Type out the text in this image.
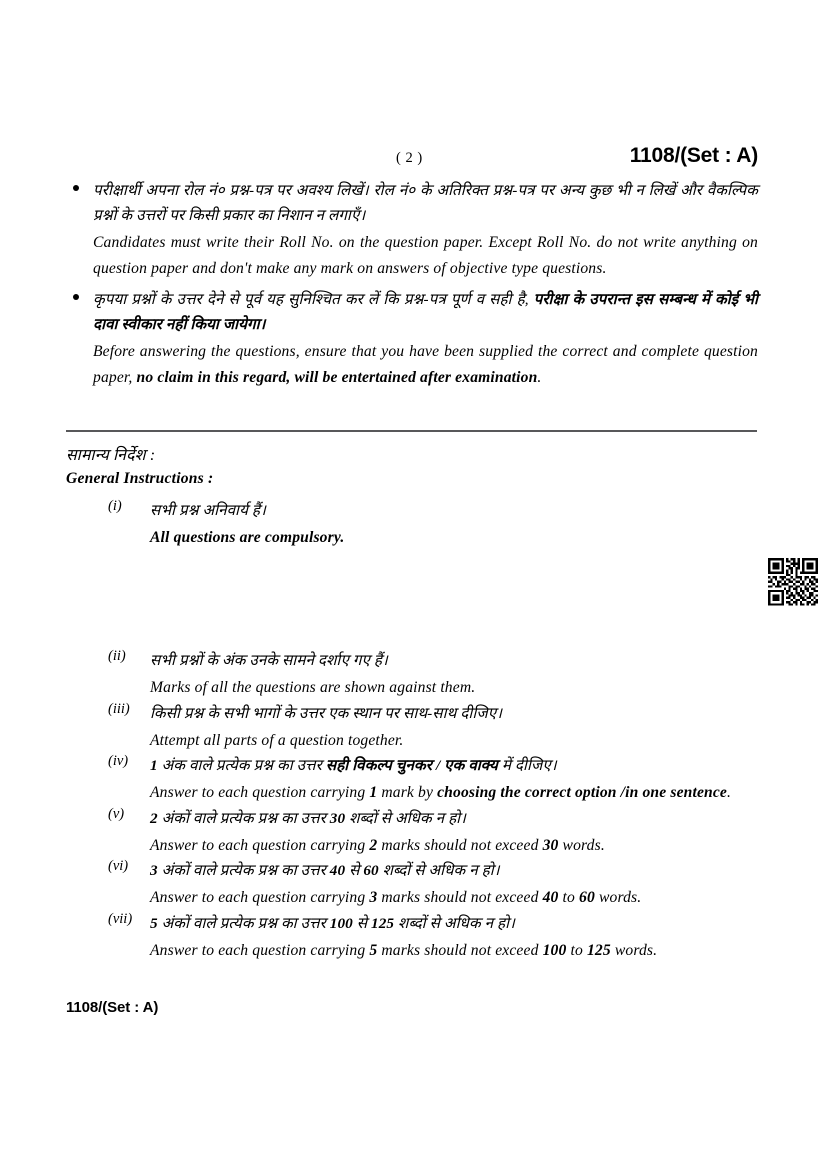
( 2 )	1108/(Set : A)
परीक्षार्थी अपना रोल नं० प्रश्न-पत्र पर अवश्य लिखें। रोल नं० के अतिरिक्त प्रश्न-पत्र पर अन्य कुछ भी न लिखें और वैकल्पिक प्रश्नों के उत्तरों पर किसी प्रकार का निशान न लगाएँ।
Candidates must write their Roll No. on the question paper. Except Roll No. do not write anything on question paper and don't make any mark on answers of objective type questions.
कृपया प्रश्नों के उत्तर देने से पूर्व यह सुनिश्चित कर लें कि प्रश्न-पत्र पूर्ण व सही है, परीक्षा के उपरान्त इस सम्बन्ध में कोई भी दावा स्वीकार नहीं किया जायेगा।
Before answering the questions, ensure that you have been supplied the correct and complete question paper, no claim in this regard, will be entertained after examination.
सामान्य निर्देश :
General Instructions :
(i)	सभी प्रश्न अनिवार्य हैं।
All questions are compulsory.
(ii)	सभी प्रश्नों के अंक उनके सामने दर्शाए गए हैं।
Marks of all the questions are shown against them.
(iii)	किसी प्रश्न के सभी भागों के उत्तर एक स्थान पर साथ-साथ दीजिए।
Attempt all parts of a question together.
(iv)	1 अंक वाले प्रत्येक प्रश्न का उत्तर सही विकल्प चुनकर / एक वाक्य में दीजिए।
Answer to each question carrying 1 mark by choosing the correct option /in one sentence.
(v)	2 अंकों वाले प्रत्येक प्रश्न का उत्तर 30 शब्दों से अधिक न हो।
Answer to each question carrying 2 marks should not exceed 30 words.
(vi)	3 अंकों वाले प्रत्येक प्रश्न का उत्तर 40 से 60 शब्दों से अधिक न हो।
Answer to each question carrying 3 marks should not exceed 40 to 60 words.
(vii)	5 अंकों वाले प्रत्येक प्रश्न का उत्तर 100 से 125 शब्दों से अधिक न हो।
Answer to each question carrying 5 marks should not exceed 100 to 125 words.
1108/(Set : A)
